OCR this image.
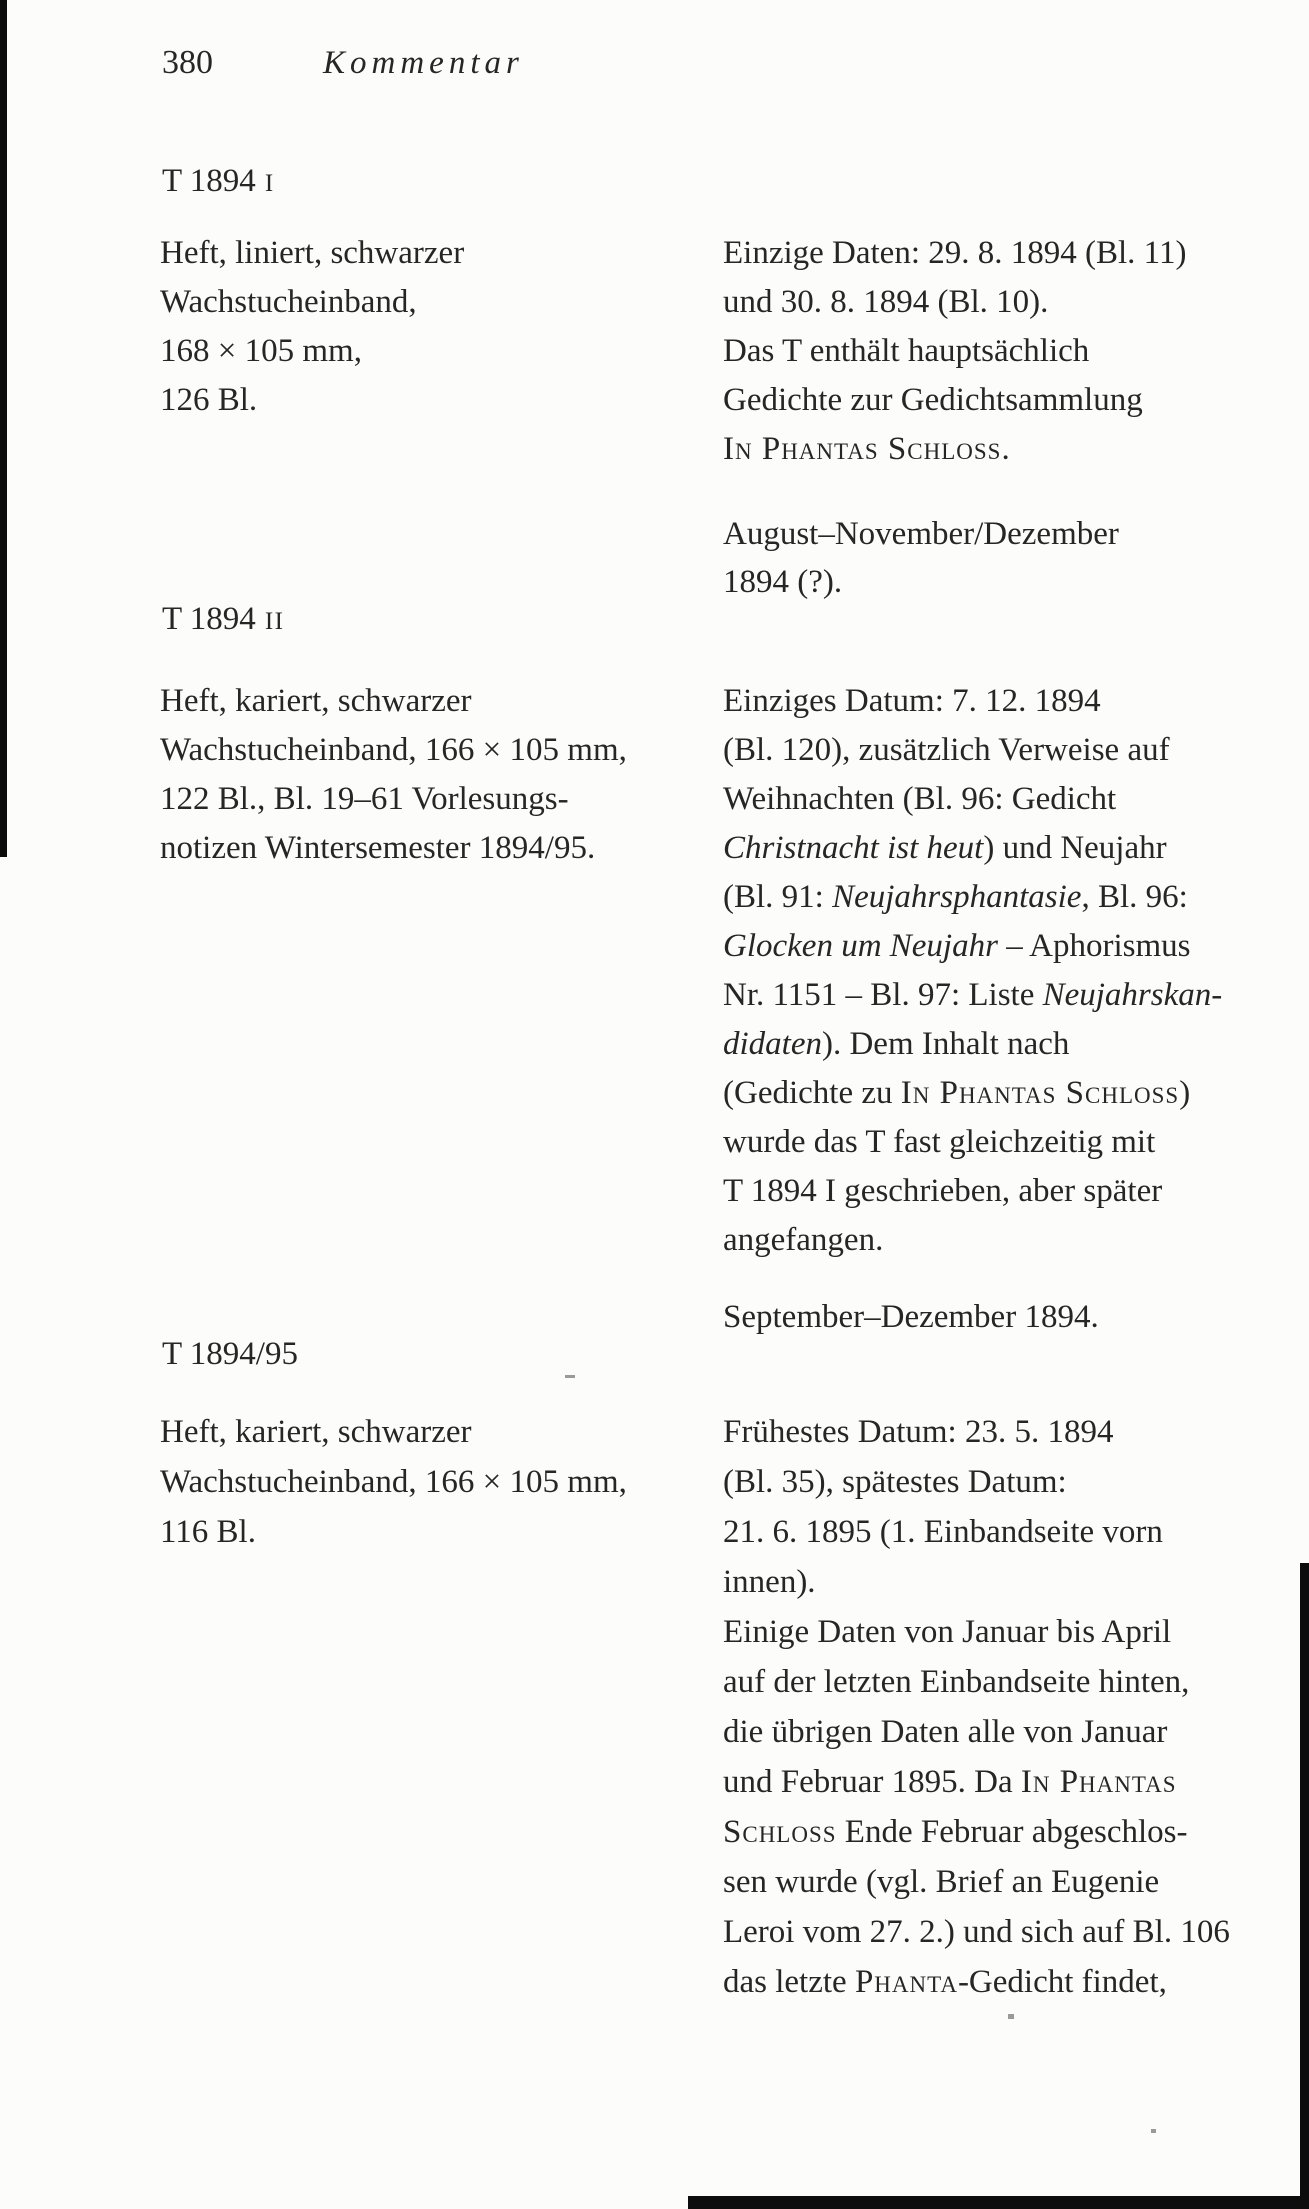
380	Kommentar
T 1894 I
Heft, liniert, schwarzer
Wachstucheinband,
168 × 105 mm,
126 Bl.
Einzige Daten: 29. 8. 1894 (Bl. 11)
und 30. 8. 1894 (Bl. 10).
Das T enthält hauptsächlich
Gedichte zur Gedichtsammlung
In Phantas Schloss.
August–November/Dezember
1894 (?).
T 1894 II
Heft, kariert, schwarzer
Wachstucheinband, 166 × 105 mm,
122 Bl., Bl. 19–61 Vorlesungs-
notizen Wintersemester 1894/95.
Einziges Datum: 7. 12. 1894
(Bl. 120), zusätzlich Verweise auf
Weihnachten (Bl. 96: Gedicht
Christnacht ist heut) und Neujahr
(Bl. 91: Neujahrsphantasie, Bl. 96:
Glocken um Neujahr – Aphorismus
Nr. 1151 – Bl. 97: Liste Neujahrskan-
didaten). Dem Inhalt nach
(Gedichte zu In Phantas Schloss)
wurde das T fast gleichzeitig mit
T 1894 I geschrieben, aber später
angefangen.
September–Dezember 1894.
T 1894/95
Heft, kariert, schwarzer
Wachstucheinband, 166 × 105 mm,
116 Bl.
Frühestes Datum: 23. 5. 1894
(Bl. 35), spätestes Datum:
21. 6. 1895 (1. Einbandseite vorn
innen).
Einige Daten von Januar bis April
auf der letzten Einbandseite hinten,
die übrigen Daten alle von Januar
und Februar 1895. Da In Phantas
Schloss Ende Februar abgeschlos-
sen wurde (vgl. Brief an Eugenie
Leroi vom 27. 2.) und sich auf Bl. 106
das letzte Phanta-Gedicht findet,
